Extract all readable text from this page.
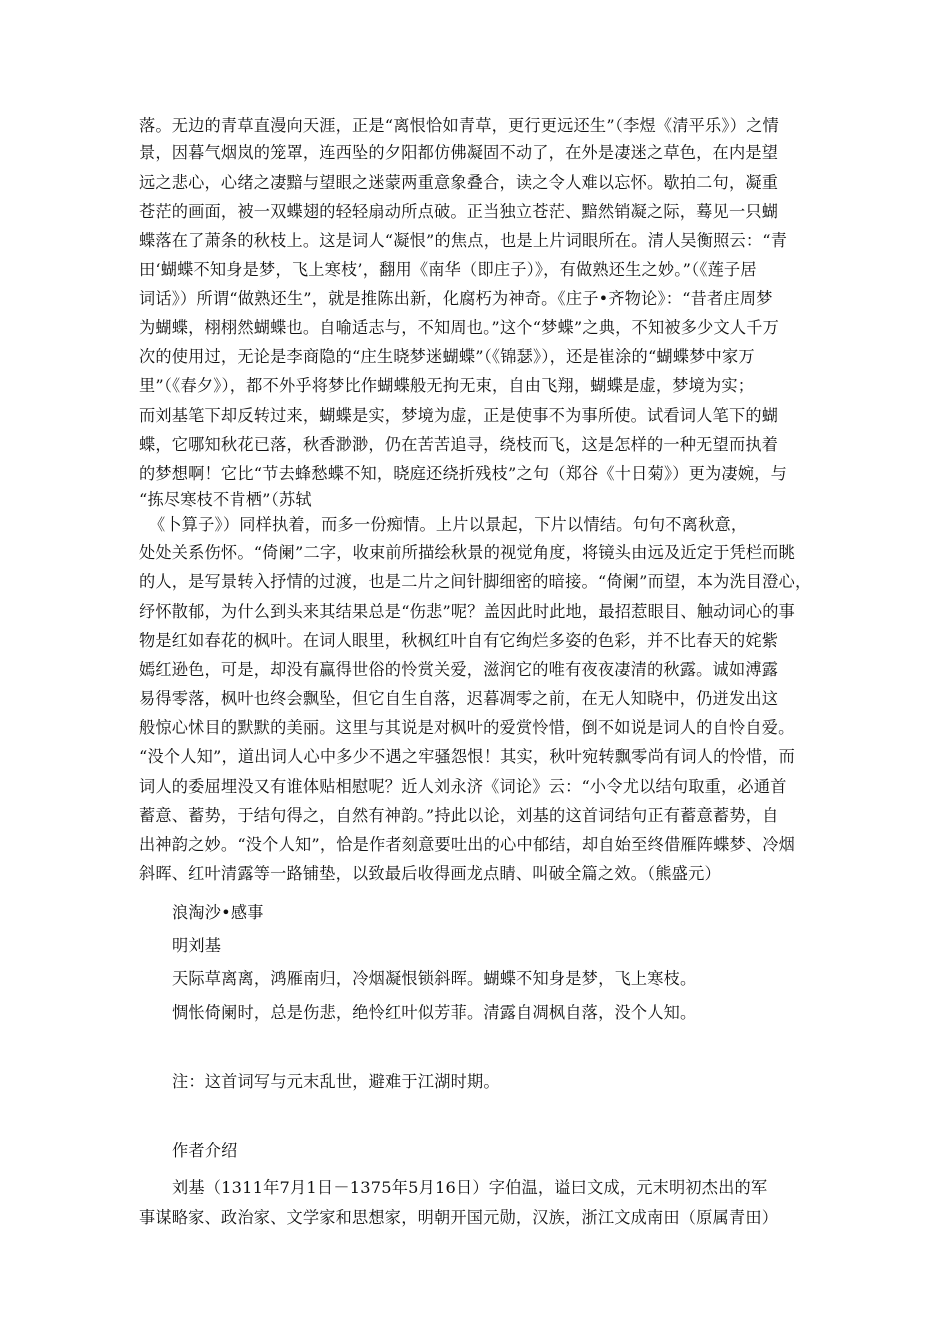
落。无边的青草直漫向天涯，正是“离恨恰如青草，更行更远还生”（李煜《清平乐》）之情
景，因暮气烟岚的笼罩，连西坠的夕阳都仿佛凝固不动了，在外是凄迷之草色，在内是望
远之悲心，心绪之凄黯与望眼之迷蒙两重意象叠合，读之令人难以忘怀。歇拍二句，凝重
苍茫的画面，被一双蝶翅的轻轻扇动所点破。正当独立苍茫、黯然销凝之际，蓦见一只蝴
蝶落在了萧条的秋枝上。这是词人“凝恨”的焦点，也是上片词眼所在。清人吴衡照云：“青
田‘蝴蝶不知身是梦，飞上寒枝’，翻用《南华（即庄子）》，有做熟还生之妙。”（《莲子居
词话》）所谓“做熟还生”，就是推陈出新，化腐朽为神奇。《庄子•齐物论》：“昔者庄周梦
为蝴蝶，栩栩然蝴蝶也。自喻适志与，不知周也。”这个“梦蝶”之典，不知被多少文人千万
次的使用过，无论是李商隐的“庄生晓梦迷蝴蝶”（《锦瑟》），还是崔涂的“蝴蝶梦中家万
里”（《春夕》），都不外乎将梦比作蝴蝶般无拘无束，自由飞翔，蝴蝶是虚，梦境为实；
而刘基笔下却反转过来，蝴蝶是实，梦境为虚，正是使事不为事所使。试看词人笔下的蝴
蝶，它哪知秋花已落，秋香渺渺，仍在苦苦追寻，绕枝而飞，这是怎样的一种无望而执着
的梦想啊！它比“节去蜂愁蝶不知，晓庭还绕折残枝”之句（郑谷《十日菊》）更为凄婉，与
“拣尽寒枝不肯栖”（苏轼
《卜算子》）同样执着，而多一份痴情。上片以景起，下片以情结。句句不离秋意，
处处关系伤怀。“倚阑”二字，收束前所描绘秋景的视觉角度，将镜头由远及近定于凭栏而眺
的人，是写景转入抒情的过渡，也是二片之间针脚细密的暗接。“倚阑”而望，本为洗目澄心，
纾怀散郁，为什么到头来其结果总是“伤悲”呢？盖因此时此地，最招惹眼目、触动词心的事
物是红如春花的枫叶。在词人眼里，秋枫红叶自有它绚烂多姿的色彩，并不比春天的姹紫
嫣红逊色，可是，却没有赢得世俗的怜赏关爱，滋润它的唯有夜夜凄清的秋露。诚如溥露
易得零落，枫叶也终会飘坠，但它自生自落，迟暮凋零之前，在无人知晓中，仍迸发出这
般惊心怵目的默默的美丽。这里与其说是对枫叶的爱赏怜惜，倒不如说是词人的自怜自爱。
“没个人知”，道出词人心中多少不遇之牢骚怨恨！其实，秋叶宛转飘零尚有词人的怜惜，而
词人的委屈埋没又有谁体贴相慰呢？近人刘永济《词论》云：“小令尤以结句取重，必通首
蓄意、蓄势，于结句得之，自然有神韵。”持此以论，刘基的这首词结句正有蓄意蓄势，自
出神韵之妙。“没个人知”，恰是作者刻意要吐出的心中郁结，却自始至终借雁阵蝶梦、冷烟
斜晖、红叶清露等一路铺垫，以致最后收得画龙点睛、叫破全篇之效。（熊盛元）
浪淘沙•感事
明刘基
天际草离离，鸿雁南归，冷烟凝恨锁斜晖。蝴蝶不知身是梦，飞上寒枝。
惆怅倚阑时，总是伤悲，绝怜红叶似芳菲。清露自凋枫自落，没个人知。
注：这首词写与元末乱世，避难于江湖时期。
作者介绍
刘基（1311年7月1日－1375年5月16日）字伯温，谥曰文成，元末明初杰出的军
事谋略家、政治家、文学家和思想家，明朝开国元勋，汉族，浙江文成南田（原属青田）
